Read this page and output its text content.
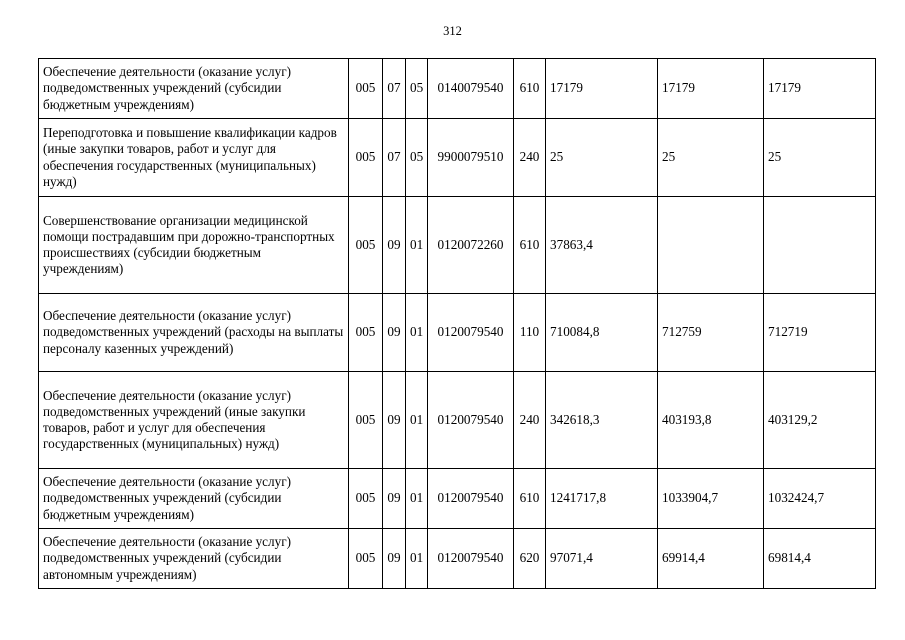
312
Обеспечение деятельности (оказание услуг) подведомственных учреждений (субсидии бюджетным учреждениям)	005	07	05	0140079540	610	17179	17179	17179
Переподготовка и повышение квалификации кадров (иные закупки товаров, работ и услуг для обеспечения государственных (муниципальных) нужд)	005	07	05	9900079510	240	25	25	25
Совершенствование организации медицинской помощи пострадавшим при дорожно-транспортных происшествиях (субсидии бюджетным учреждениям)	005	09	01	0120072260	610	37863,4		
Обеспечение деятельности (оказание услуг) подведомственных учреждений (расходы на выплаты персоналу казенных учреждений)	005	09	01	0120079540	110	710084,8	712759	712719
Обеспечение деятельности (оказание услуг) подведомственных учреждений (иные закупки товаров, работ и услуг для обеспечения государственных (муниципальных) нужд)	005	09	01	0120079540	240	342618,3	403193,8	403129,2
Обеспечение деятельности (оказание услуг) подведомственных учреждений (субсидии бюджетным учреждениям)	005	09	01	0120079540	610	1241717,8	1033904,7	1032424,7
Обеспечение деятельности (оказание услуг) подведомственных учреждений (субсидии автономным учреждениям)	005	09	01	0120079540	620	97071,4	69914,4	69814,4
